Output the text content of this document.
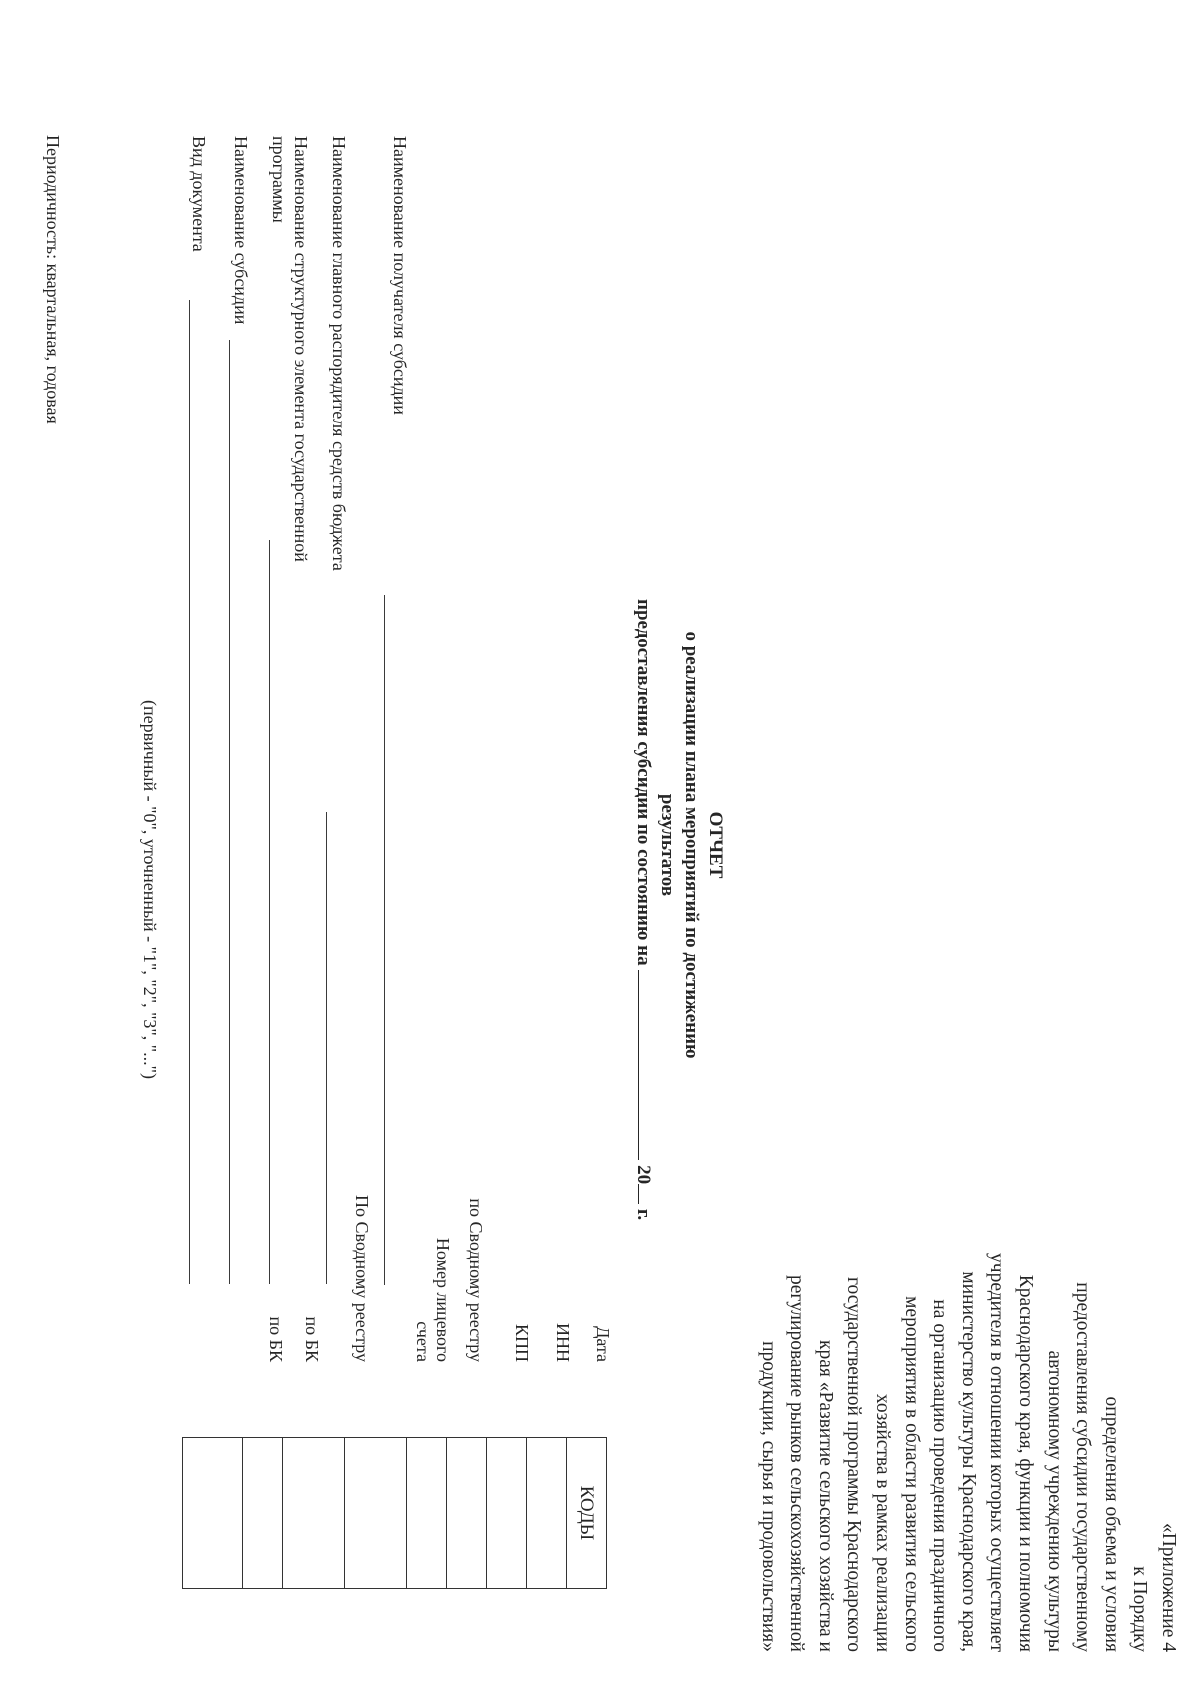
«Приложение 4
к Порядку
определения объема и условия
предоставления субсидии государственному
автономному учреждению культуры
Краснодарского края, функции и полномочия
учредителя в отношении которых осуществляет
министерство культуры Краснодарского края,
на организацию проведения праздничного
мероприятия в области развития сельского
хозяйства в рамках реализации
государственной программы Краснодарского
края «Развитие сельского хозяйства и
регулирование рынков сельскохозяйственной
продукции, сырья и продовольствия»
ОТЧЕТ
о реализации плана мероприятий по достижению результатов
предоставления субсидии по состоянию на  20 г.
Наименование получателя субсидии
Наименование главного распорядителя средств бюджета
Наименование структурного элемента государственной
программы
Наименование субсидии
Вид документа
(первичный - "0", уточненный - "1", "2", "3", "...")
Периодичность: квартальная, годовая
Дата
ИНН
КПП
по Сводному реестру
Номер лицевого
счета
По Сводному реестру
по БК
по БК
КОДЫ
